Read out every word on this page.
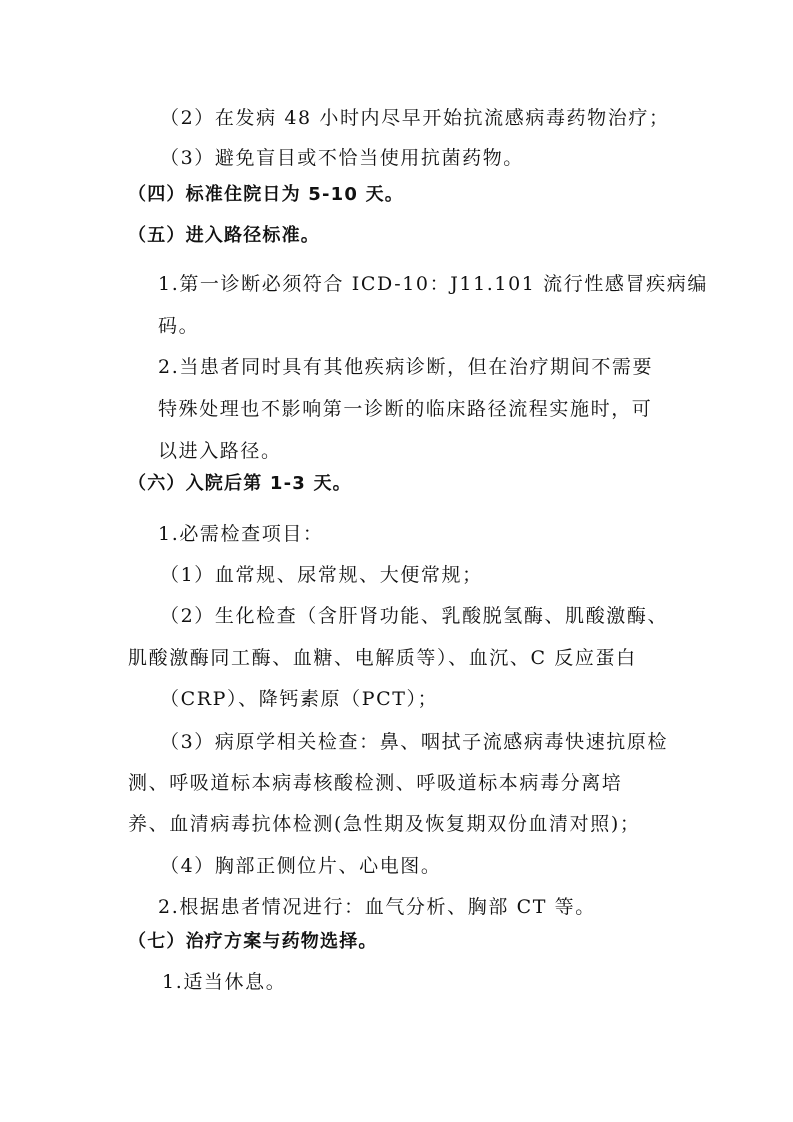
（2）在发病 48 小时内尽早开始抗流感病毒药物治疗；
（3）避免盲目或不恰当使用抗菌药物。
（四）标准住院日为 5-10 天。
（五）进入路径标准。
1.第一诊断必须符合 ICD-10：J11.101 流行性感冒疾病编
码。
2.当患者同时具有其他疾病诊断，但在治疗期间不需要
特殊处理也不影响第一诊断的临床路径流程实施时，可
以进入路径。
（六）入院后第 1-3 天。
1.必需检查项目：
（1）血常规、尿常规、大便常规；
（2）生化检查（含肝肾功能、乳酸脱氢酶、肌酸激酶、
肌酸激酶同工酶、血糖、电解质等）、血沉、C 反应蛋白
（CRP）、降钙素原（PCT）；
（3）病原学相关检查：鼻、咽拭子流感病毒快速抗原检
测、呼吸道标本病毒核酸检测、呼吸道标本病毒分离培
养、血清病毒抗体检测(急性期及恢复期双份血清对照)；
（4）胸部正侧位片、心电图。
2.根据患者情况进行：血气分析、胸部 CT 等。
（七）治疗方案与药物选择。
1.适当休息。
